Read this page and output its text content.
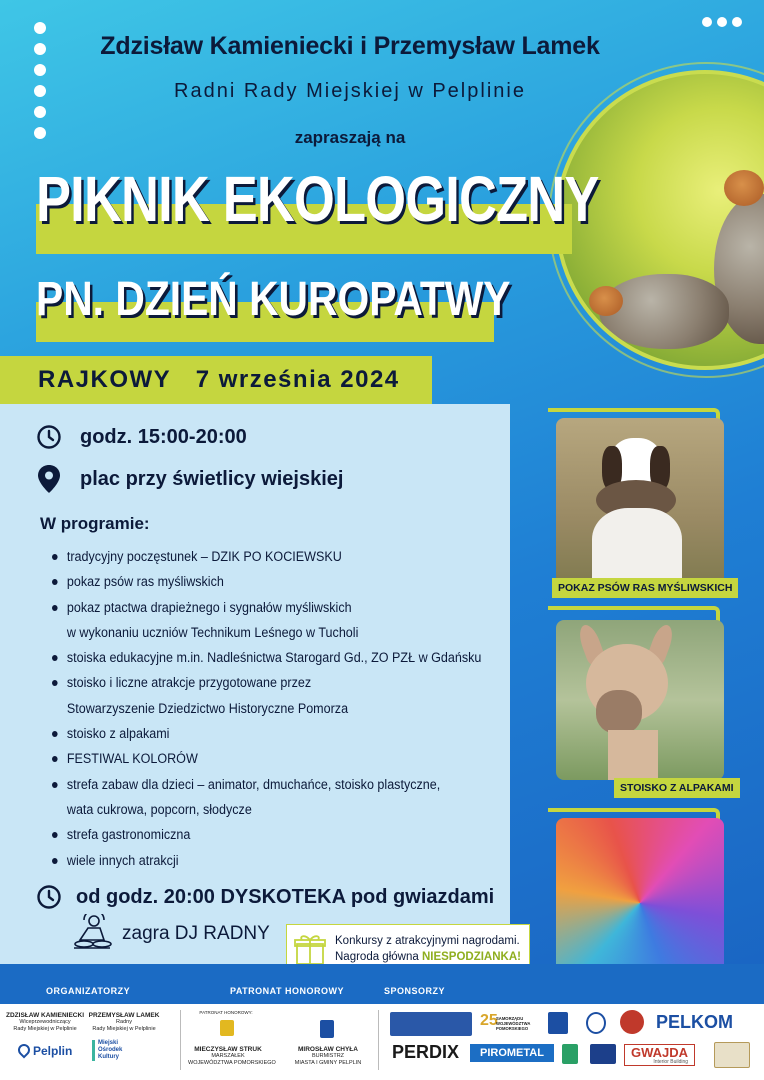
Zdzisław Kamieniecki i Przemysław Lamek
Radni Rady Miejskiej w Pelplinie
zapraszają na
PIKNIK EKOLOGICZNY
PN. DZIEŃ KUROPATWY
RAJKOWY 7 września 2024
godz. 15:00-20:00
plac przy świetlicy wiejskiej
W programie:
tradycyjny poczęstunek – DZIK PO KOCIEWSKU
pokaz psów ras myśliwskich
pokaz ptactwa drapieżnego i sygnałów myśliwskich
w wykonaniu uczniów Technikum Leśnego w Tucholi
stoiska edukacyjne m.in. Nadleśnictwa Starogard Gd., ZO PZŁ w Gdańsku
stoisko i liczne atrakcje przygotowane przez
Stowarzyszenie Dziedzictwo Historyczne Pomorza
stoisko z alpakami
FESTIWAL KOLORÓW
strefa zabaw dla dzieci – animator, dmuchańce, stoisko plastyczne,
wata cukrowa, popcorn, słodycze
strefa gastronomiczna
wiele innych atrakcji
od godz. 20:00 DYSKOTEKA pod gwiazdami
zagra DJ RADNY	Konkursy z atrakcyjnymi nagrodami.
Nagroda główna NIESPODZIANKA!
POKAZ PSÓW RAS MYŚLIWSKICH
STOISKO Z ALPAKAMI
ORGANIZATORZY	PATRONAT HONOROWY	SPONSORZY
ZDZISŁAW KAMIENIECKI
Wiceprzewodniczący
Rady Miejskiej w Pelplinie
PRZEMYSŁAW LAMEK
Radny
Rady Miejskiej w Pelplinie
Pelplin
Miejski
Ośrodek
Kultury
PATRONAT HONOROWY:
MIECZYSŁAW STRUK
MARSZAŁEK
WOJEWÓDZTWA POMORSKIEGO
MIROSŁAW CHYŁA
BURMISTRZ
MIASTA I GMINY PELPLIN
25
SAMORZĄDU WOJEWÓDZTWA POMORSKIEGO	PELKOM
PERDIX	PIROMETAL	GWAJDA
Interior Building
